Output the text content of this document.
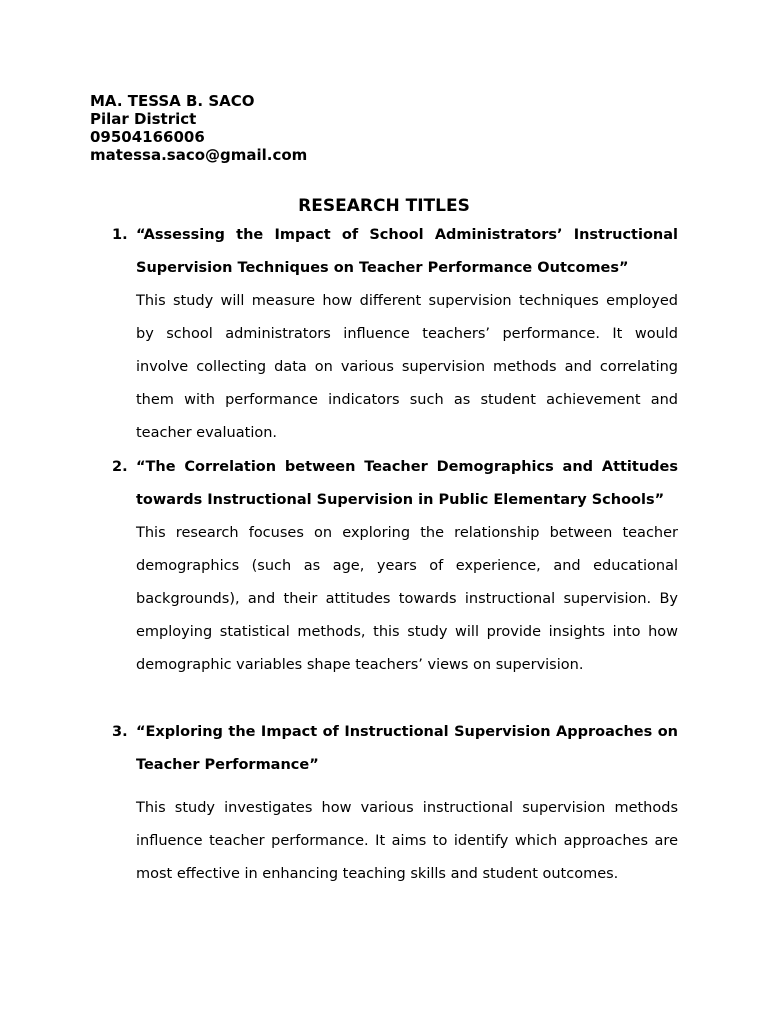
MA. TESSA B. SACO
Pilar District
09504166006
matessa.saco@gmail.com
RESEARCH TITLES
1. “Assessing the Impact of School Administrators’ Instructional Supervision Techniques on Teacher Performance Outcomes”
This study will measure how different supervision techniques employed by school administrators influence teachers’ performance. It would involve collecting data on various supervision methods and correlating them with performance indicators such as student achievement and teacher evaluation.
2. “The Correlation between Teacher Demographics and Attitudes towards Instructional Supervision in Public Elementary Schools”
This research focuses on exploring the relationship between teacher demographics (such as age, years of experience, and educational backgrounds), and their attitudes towards instructional supervision. By employing statistical methods, this study will provide insights into how demographic variables shape teachers’ views on supervision.
3. “Exploring the Impact of Instructional Supervision Approaches on Teacher Performance”
This study investigates how various instructional supervision methods influence teacher performance. It aims to identify which approaches are most effective in enhancing teaching skills and student outcomes.
